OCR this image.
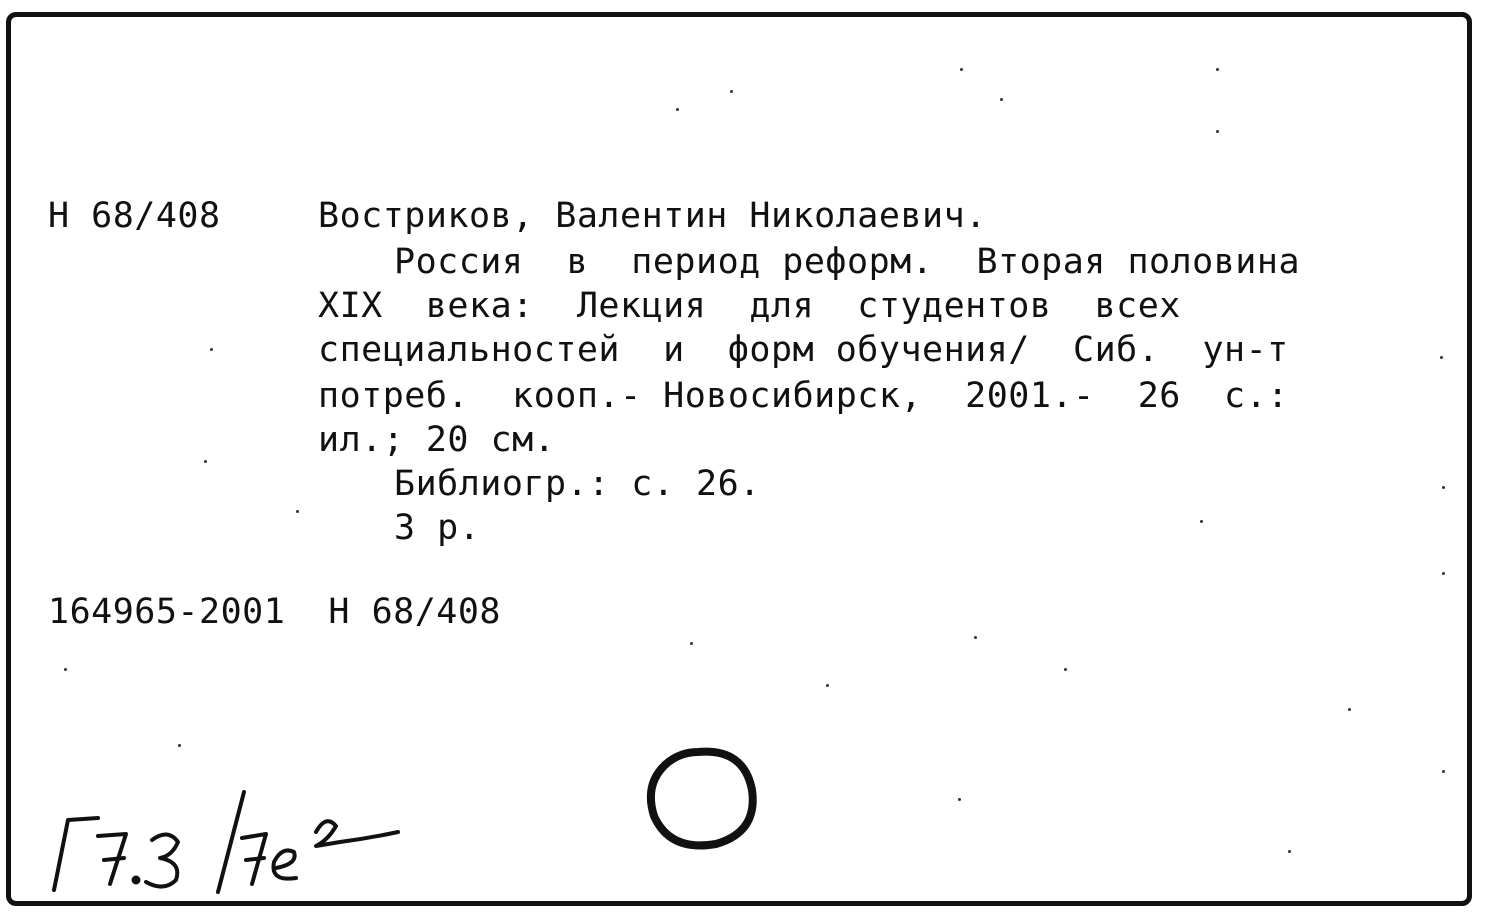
Н 68/408	Востриков, Валентин Николаевич.
Россия  в  период реформ.  Вторая половина
XIX  века:  Лекция  для  студентов  всех
специальностей  и  форм обучения/  Сиб.  ун-т
потреб.  кооп.- Новосибирск,  2001.-  26  с.:
ил.; 20 см.
Библиогр.: с. 26.
3 р.
164965-2001  Н 68/408
